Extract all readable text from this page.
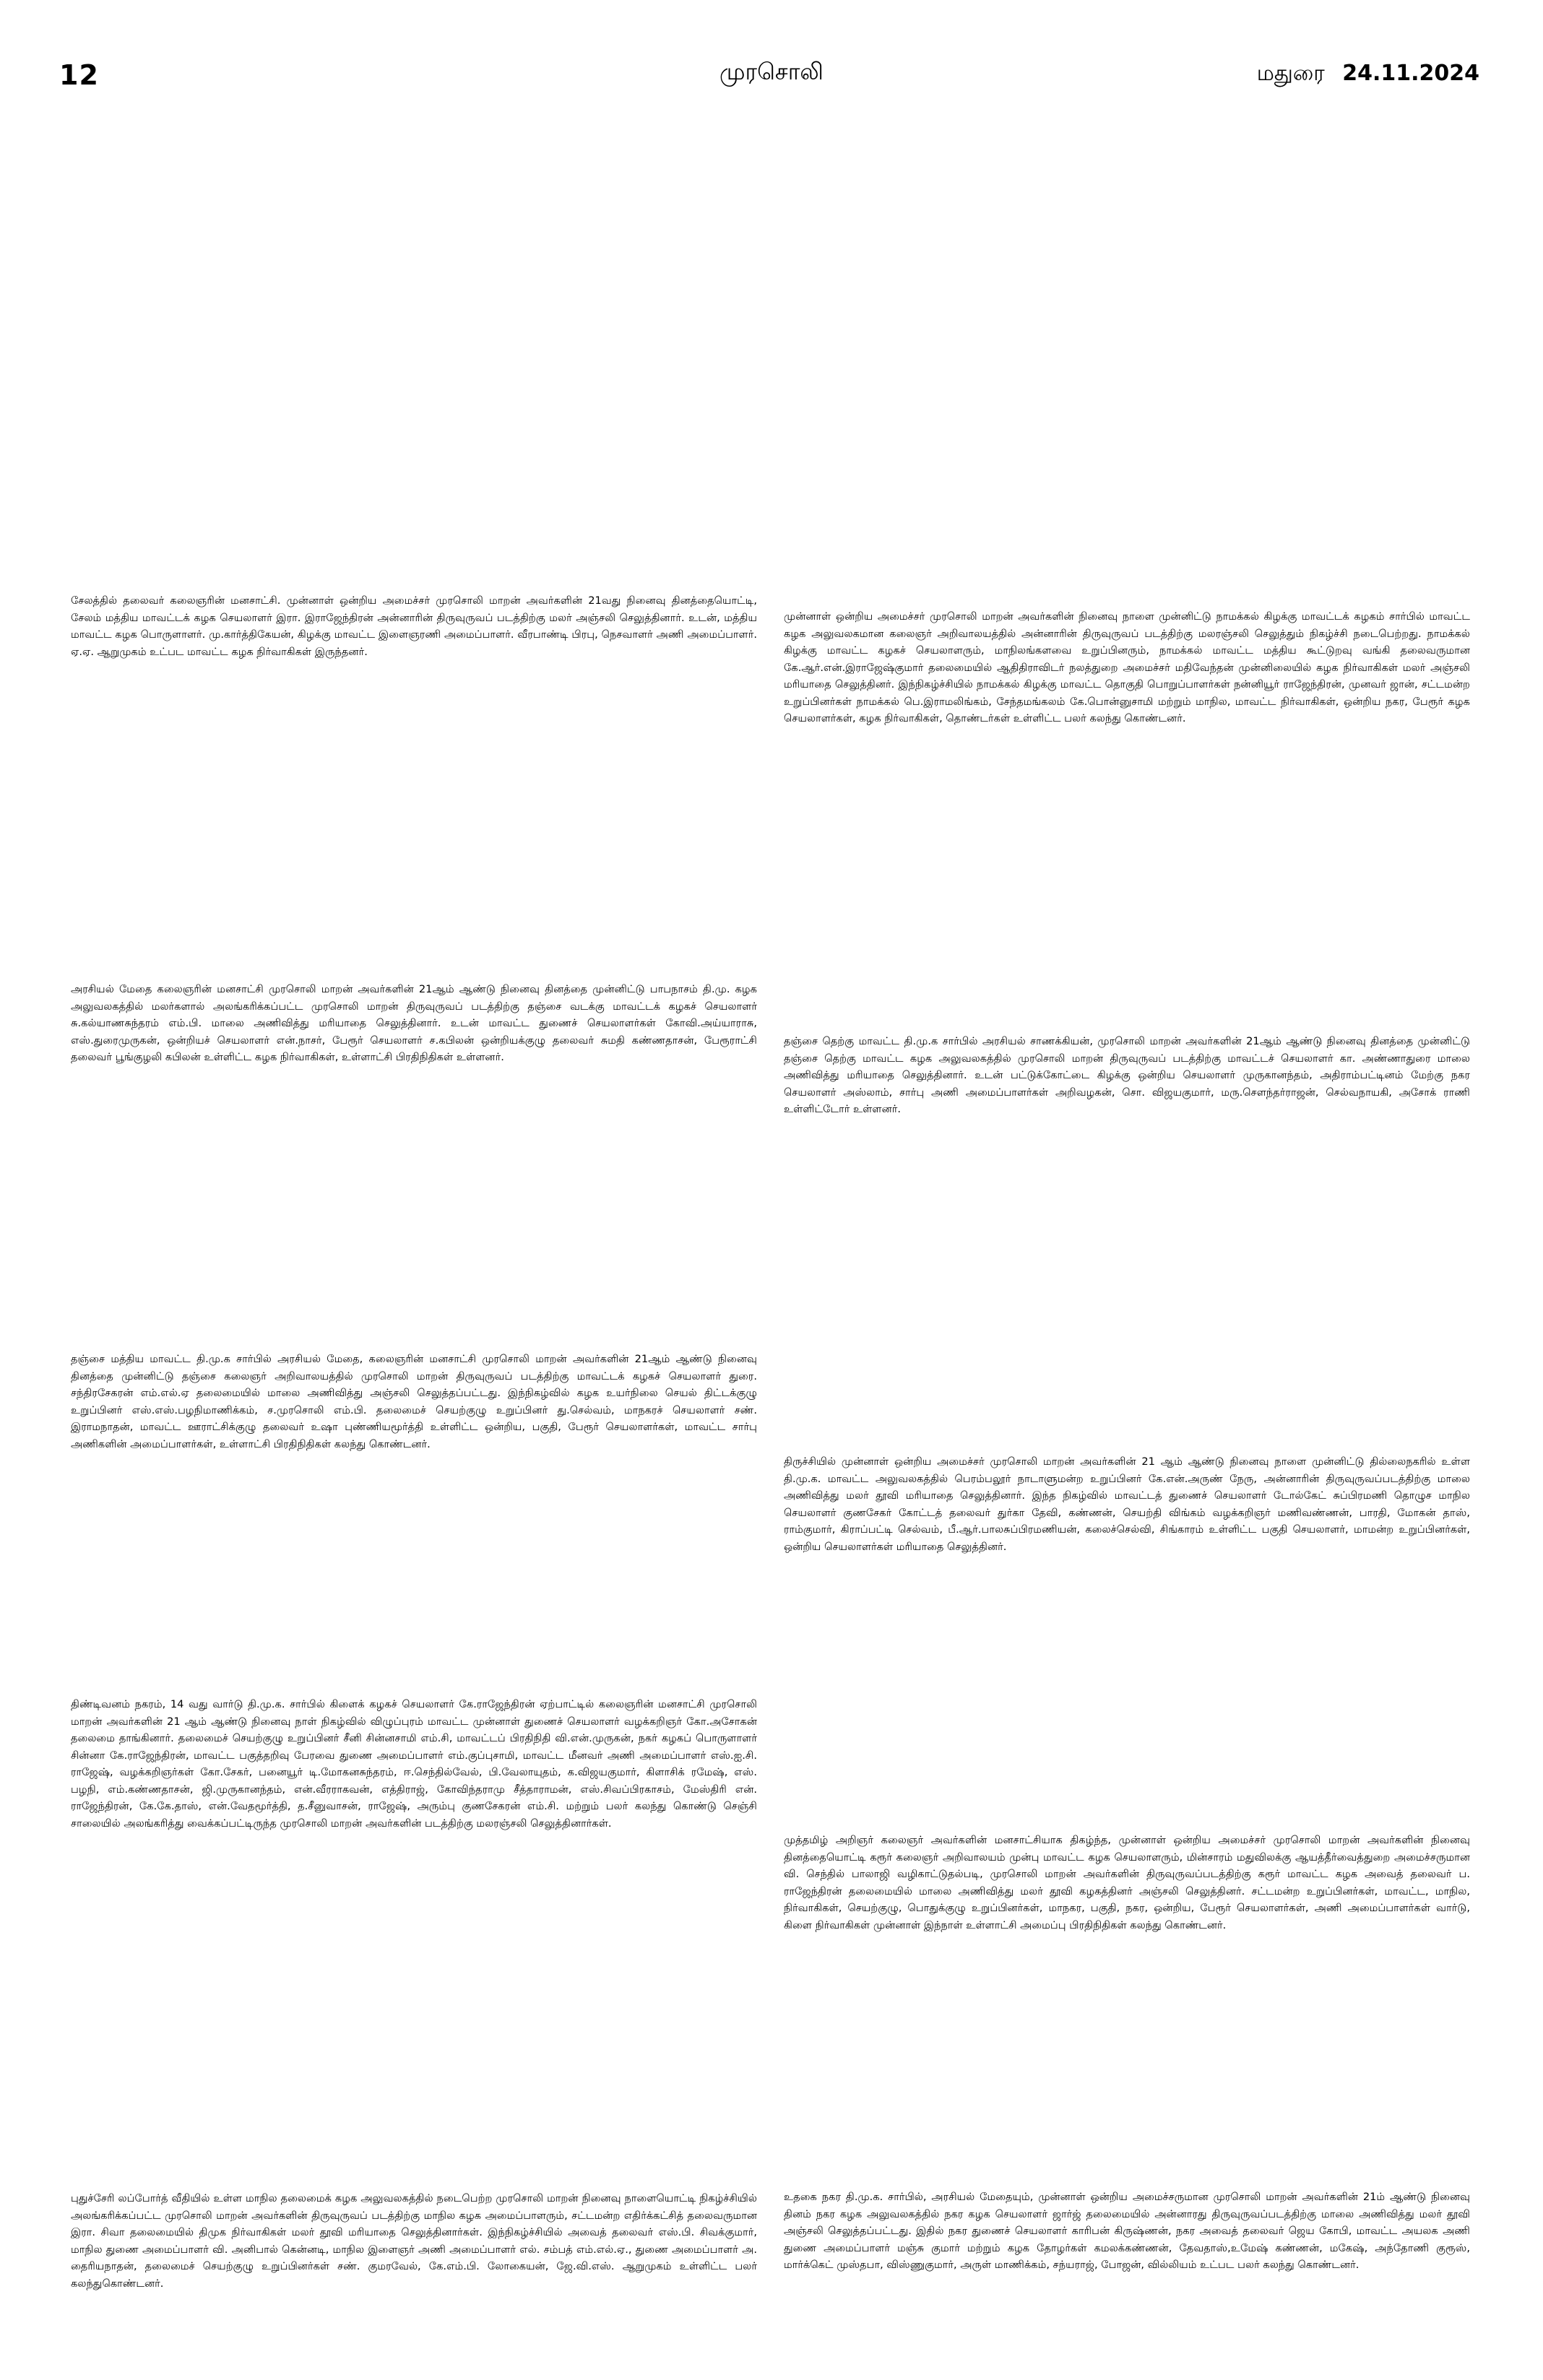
12	முரசொலி	மதுரை 24.11.2024
சேலத்தில் தலைவர் கலைஞரின் மனசாட்சி. முன்னாள் ஒன்றிய அமைச்சர் முரசொலி மாறன் அவர்களின் 21வது நினைவு தினத்தையொட்டி, சேலம் மத்திய மாவட்டக் கழக செயலாளர் இரா. இராஜேந்திரன் அன்னாரின் திருவுருவப் படத்திற்கு மலர் அஞ்சலி செலுத்தினார். உடன், மத்திய மாவட்ட கழக பொருளாளர். மு.கார்த்திகேயன், கிழக்கு மாவட்ட இளைஞரணி அமைப்பாளர். வீரபாண்டி பிரபு, நெசவாளர் அணி அமைப்பாளர். ஏ.ஏ. ஆறுமுகம் உட்பட மாவட்ட கழக நிர்வாகிகள் இருந்தனர்.
முன்னாள் ஒன்றிய அமைச்சர் முரசொலி மாறன் அவர்களின் நினைவு நாளை முன்னிட்டு நாமக்கல் கிழக்கு மாவட்டக் கழகம் சார்பில் மாவட்ட கழக அலுவலகமான கலைஞர் அறிவாலயத்தில் அன்னாரின் திருவுருவப் படத்திற்கு மலரஞ்சலி செலுத்தும் நிகழ்ச்சி நடைபெற்றது. நாமக்கல் கிழக்கு மாவட்ட கழகச் செயலாளரும், மாநிலங்களவை உறுப்பினரும், நாமக்கல் மாவட்ட மத்திய கூட்டுறவு வங்கி தலைவருமான கே.ஆர்.என்.இராஜேஷ்குமார் தலைமையில் ஆதிதிராவிடர் நலத்துறை அமைச்சர் மதிவேந்தன் முன்னிலையில் கழக நிர்வாகிகள் மலர் அஞ்சலி மரியாதை செலுத்தினர். இந்நிகழ்ச்சியில் நாமக்கல் கிழக்கு மாவட்ட தொகுதி பொறுப்பாளர்கள் நன்னியூர் ராஜேந்திரன், முனவர் ஜான், சட்டமன்ற உறுப்பினர்கள் நாமக்கல் பெ.இராமலிங்கம், சேந்தமங்கலம் கே.பொன்னுசாமி மற்றும் மாநில, மாவட்ட நிர்வாகிகள், ஒன்றிய நகர, பேரூர் கழக செயலாளர்கள், கழக நிர்வாகிகள், தொண்டர்கள் உள்ளிட்ட பலர் கலந்து கொண்டனர்.
அரசியல் மேதை கலைஞரின் மனசாட்சி முரசொலி மாறன் அவர்களின் 21ஆம் ஆண்டு நினைவு தினத்தை முன்னிட்டு பாபநாசம் தி.மு. கழக அலுவலகத்தில் மலர்களால் அலங்கரிக்கப்பட்ட முரசொலி மாறன் திருவுருவப் படத்திற்கு தஞ்சை வடக்கு மாவட்டக் கழகச் செயலாளர் சு.கல்யாணசுந்தரம் எம்.பி. மாலை அணிவித்து மரியாதை செலுத்தினார். உடன் மாவட்ட துணைச் செயலாளர்கள் கோவி.அய்யாராசு, எஸ்.துரைமுருகன், ஒன்றியச் செயலாளர் என்.நாசர், பேரூர் செயலாளர் ச.கபிலன் ஒன்றியக்குழு தலைவர் சுமதி கண்ணதாசன், பேரூராட்சி தலைவர் பூங்குழலி கபிலன் உள்ளிட்ட கழக நிர்வாகிகள், உள்ளாட்சி பிரதிநிதிகள் உள்ளனர்.
தஞ்சை தெற்கு மாவட்ட தி.மு.க சார்பில் அரசியல் சாணக்கியன், முரசொலி மாறன் அவர்களின் 21ஆம் ஆண்டு நினைவு தினத்தை முன்னிட்டு தஞ்சை தெற்கு மாவட்ட கழக அலுவலகத்தில் முரசொலி மாறன் திருவுருவப் படத்திற்கு மாவட்டச் செயலாளர் கா. அண்ணாதுரை மாலை அணிவித்து மரியாதை செலுத்தினார். உடன் பட்டுக்கோட்டை கிழக்கு ஒன்றிய செயலாளர் முருகானந்தம், அதிராம்பட்டினம் மேற்கு நகர செயலாளர் அஸ்லாம், சார்பு அணி அமைப்பாளர்கள் அறிவழகன், சொ. விஜயகுமார், மரு.சௌந்தர்ராஜன், செல்வநாயகி, அசோக் ராணி உள்ளிட்டோர் உள்ளனர்.
தஞ்சை மத்திய மாவட்ட தி.மு.க சார்பில் அரசியல் மேதை, கலைஞரின் மனசாட்சி முரசொலி மாறன் அவர்களின் 21ஆம் ஆண்டு நினைவு தினத்தை முன்னிட்டு தஞ்சை கலைஞர் அறிவாலயத்தில் முரசொலி மாறன் திருவுருவப் படத்திற்கு மாவட்டக் கழகச் செயலாளர் துரை. சந்திரசேகரன் எம்.எல்.ஏ தலைமையில் மாலை அணிவித்து அஞ்சலி செலுத்தப்பட்டது. இந்நிகழ்வில் கழக உயர்நிலை செயல் திட்டக்குழு உறுப்பினர் எஸ்.எஸ்.பழநிமாணிக்கம், ச.முரசொலி எம்.பி. தலைமைச் செயற்குழு உறுப்பினர் து.செல்வம், மாநகரச் செயலாளர் சண். இராமநாதன், மாவட்ட ஊராட்சிக்குழு தலைவர் உஷா புண்ணியமூர்த்தி உள்ளிட்ட ஒன்றிய, பகுதி, பேரூர் செயலாளர்கள், மாவட்ட சார்பு அணிகளின் அமைப்பாளர்கள், உள்ளாட்சி பிரதிநிதிகள் கலந்து கொண்டனர்.
திருச்சியில் முன்னாள் ஒன்றிய அமைச்சர் முரசொலி மாறன் அவர்களின் 21 ஆம் ஆண்டு நினைவு நாளை முன்னிட்டு தில்லைநகரில் உள்ள தி.மு.க. மாவட்ட அலுவலகத்தில் பெரம்பலூர் நாடாளுமன்ற உறுப்பினர் கே.என்.அருண் நேரு, அன்னாரின் திருவுருவப்படத்திற்கு மாலை அணிவித்து மலர் தூவி மரியாதை செலுத்தினார். இந்த நிகழ்வில் மாவட்டத் துணைச் செயலாளர் டோல்கேட் சுப்பிரமணி தொழுச மாநில செயலாளர் குணசேகர் கோட்டத் தலைவர் துர்கா தேவி, கண்ணன், செயற்தி விங்கம் வழக்கறிஞர் மணிவண்ணன், பாரதி, மோகன் தாஸ், ராம்குமார், கிராப்பட்டி செல்வம், பீ.ஆர்.பாலசுப்பிரமணியன், கலைச்செல்வி, சிங்காரம் உள்ளிட்ட பகுதி செயலாளர், மாமன்ற உறுப்பினர்கள், ஒன்றிய செயலாளர்கள் மரியாதை செலுத்தினர்.
திண்டிவனம் நகரம், 14 வது வார்டு தி.மு.க. சார்பில் கிளைக் கழகச் செயலாளர் கே.ராஜேந்திரன் ஏற்பாட்டில் கலைஞரின் மனசாட்சி முரசொலி மாறன் அவர்களின் 21 ஆம் ஆண்டு நினைவு நாள் நிகழ்வில் விழுப்புரம் மாவட்ட முன்னாள் துணைச் செயலாளர் வழக்கறிஞர் கோ.அசோகன் தலைமை தாங்கினார். தலைமைச் செயற்குழு உறுப்பினர் சீனி சின்னசாமி எம்.சி, மாவட்டப் பிரதிநிதி வி.என்.முருகன், நகர் கழகப் பொருளாளர் சின்னா கே.ராஜேந்திரன், மாவட்ட பகுத்தறிவு பேரவை துணை அமைப்பாளர் எம்.குப்புசாமி, மாவட்ட மீனவர் அணி அமைப்பாளர் எஸ்.ஐ.சி. ராஜேஷ், வழக்கறிஞர்கள் கோ.சேகர், பனையூர் டி.மோகனசுந்தரம், ஈ.செந்தில்வேல், பி.வேலாயுதம், க.விஜயகுமார், கிளாசிக் ரமேஷ், எஸ். பழநி, எம்.கண்ணதாசன், ஜி.முருகானந்தம், என்.வீரராகவன், எத்திராஜ், கோவிந்தராமு சீத்தாராமன், எஸ்.சிவப்பிரகாசம், மேஸ்திரி என். ராஜேந்திரன், கே.கே.தாஸ், என்.வேதமூர்த்தி, த.சீனுவாசன், ராஜேஷ், அரும்பு குணசேகரன் எம்.சி. மற்றும் பலர் கலந்து கொண்டு செஞ்சி சாலையில் அலங்கரித்து வைக்கப்பட்டிருந்த முரசொலி மாறன் அவர்களின் படத்திற்கு மலரஞ்சலி செலுத்தினார்கள்.
முத்தமிழ் அறிஞர் கலைஞர் அவர்களின் மனசாட்சியாக திகழ்ந்த, முன்னாள் ஒன்றிய அமைச்சர் முரசொலி மாறன் அவர்களின் நினைவு தினத்தையொட்டி கரூர் கலைஞர் அறிவாலயம் முன்பு மாவட்ட கழக செயலாளரும், மின்சாரம் மதுவிலக்கு ஆயத்தீர்வைத்துறை அமைச்சருமான வி. செந்தில் பாலாஜி வழிகாட்டுதல்படி, முரசொலி மாறன் அவர்களின் திருவுருவப்படத்திற்கு கரூர் மாவட்ட கழக அவைத் தலைவர் ப. ராஜேந்திரன் தலைமையில் மாலை அணிவித்து மலர் தூவி கழகத்தினர் அஞ்சலி செலுத்தினர். சட்டமன்ற உறுப்பினர்கள், மாவட்ட, மாநில, நிர்வாகிகள், செயற்குழு, பொதுக்குழு உறுப்பினர்கள், மாநகர, பகுதி, நகர, ஒன்றிய, பேரூர் செயலாளர்கள், அணி அமைப்பாளர்கள் வார்டு, கிளை நிர்வாகிகள் முன்னாள் இந்நாள் உள்ளாட்சி அமைப்பு பிரதிநிதிகள் கலந்து கொண்டனர்.
புதுச்சேரி லப்போர்த் வீதியில் உள்ள மாநில தலைமைக் கழக அலுவலகத்தில் நடைபெற்ற முரசொலி மாறன் நினைவு நாளையொட்டி நிகழ்ச்சியில் அலங்கரிக்கப்பட்ட முரசொலி மாறன் அவர்களின் திருவுருவப் படத்திற்கு மாநில கழக அமைப்பாளரும், சட்டமன்ற எதிர்க்கட்சித் தலைவருமான இரா. சிவா தலைமையில் திமுக நிர்வாகிகள் மலர் தூவி மரியாதை செலுத்தினார்கள். இந்நிகழ்ச்சியில் அவைத் தலைவர் எஸ்.பி. சிவக்குமார், மாநில துணை அமைப்பாளர் வி. அனிபால் கென்னடி, மாநில இளைஞர் அணி அமைப்பாளர் எல். சம்பத் எம்.எல்.ஏ., துணை அமைப்பாளர் அ. தைரியநாதன், தலைமைச் செயற்குழு உறுப்பினர்கள் சண். குமரவேல், கே.எம்.பி. லோகையன், ஜே.வி.எஸ். ஆறுமுகம் உள்ளிட்ட பலர் கலந்துகொண்டனர்.
உதகை நகர தி.மு.க. சார்பில், அரசியல் மேதையும், முன்னாள் ஒன்றிய அமைச்சருமான முரசொலி மாறன் அவர்களின் 21ம் ஆண்டு நினைவு தினம் நகர கழக அலுவலகத்தில் நகர கழக செயலாளர் ஜார்ஜ் தலைமையில் அன்னாரது திருவுருவப்படத்திற்கு மாலை அணிவித்து மலர் தூவி அஞ்சலி செலுத்தப்பட்டது. இதில் நகர துணைச் செயலாளர் காரிபன் கிருஷ்ணன், நகர அவைத் தலைவர் ஜெய கோபி, மாவட்ட அயலக அணி துணை அமைப்பாளர் மஞ்சு குமார் மற்றும் கழக தோழர்கள் கமலக்கண்ணன், தேவதாஸ்,உமேஷ் கண்ணன், மகேஷ், அந்தோணி குரூஸ், மார்க்கெட் முஸ்தபா, விஸ்ணுகுமார், அருள் மாணிக்கம், சந்யராஜ், போஜன், வில்லியம் உட்பட பலர் கலந்து கொண்டனர்.
